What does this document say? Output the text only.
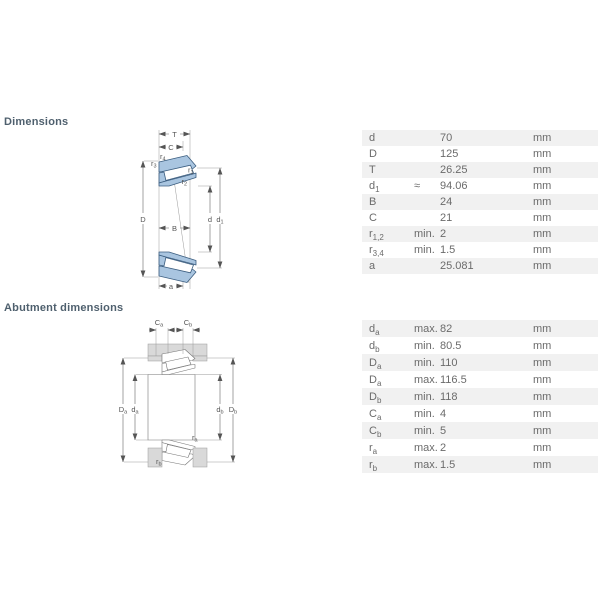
Dimensions
Abutment dimensions
T
C
B
a
D	d $d_1$
$r_4$
$r_3$	$r_1$
$r_2$
$C_a$	$C_b$
$D_a$ $d_a$	$d_b$ $D_b$
$r_a$
$r_b$
d	70	mm
D	125	mm
T	26.25	mm
$d_1$	≈	94.06	mm
B	24	mm
C	21	mm
$r_{1,2}$	min. 2	mm
$r_{3,4}$	min. 1.5	mm
a	25.081	mm
$d_a$	max. 82	mm
$d_b$	min. 80.5	mm
$D_a$	min. 110	mm
$D_a$	max. 116.5	mm
$D_b$	min. 118	mm
$C_a$	min. 4	mm
$C_b$	min. 5	mm
$r_a$	max. 2	mm
$r_b$	max. 1.5	mm
